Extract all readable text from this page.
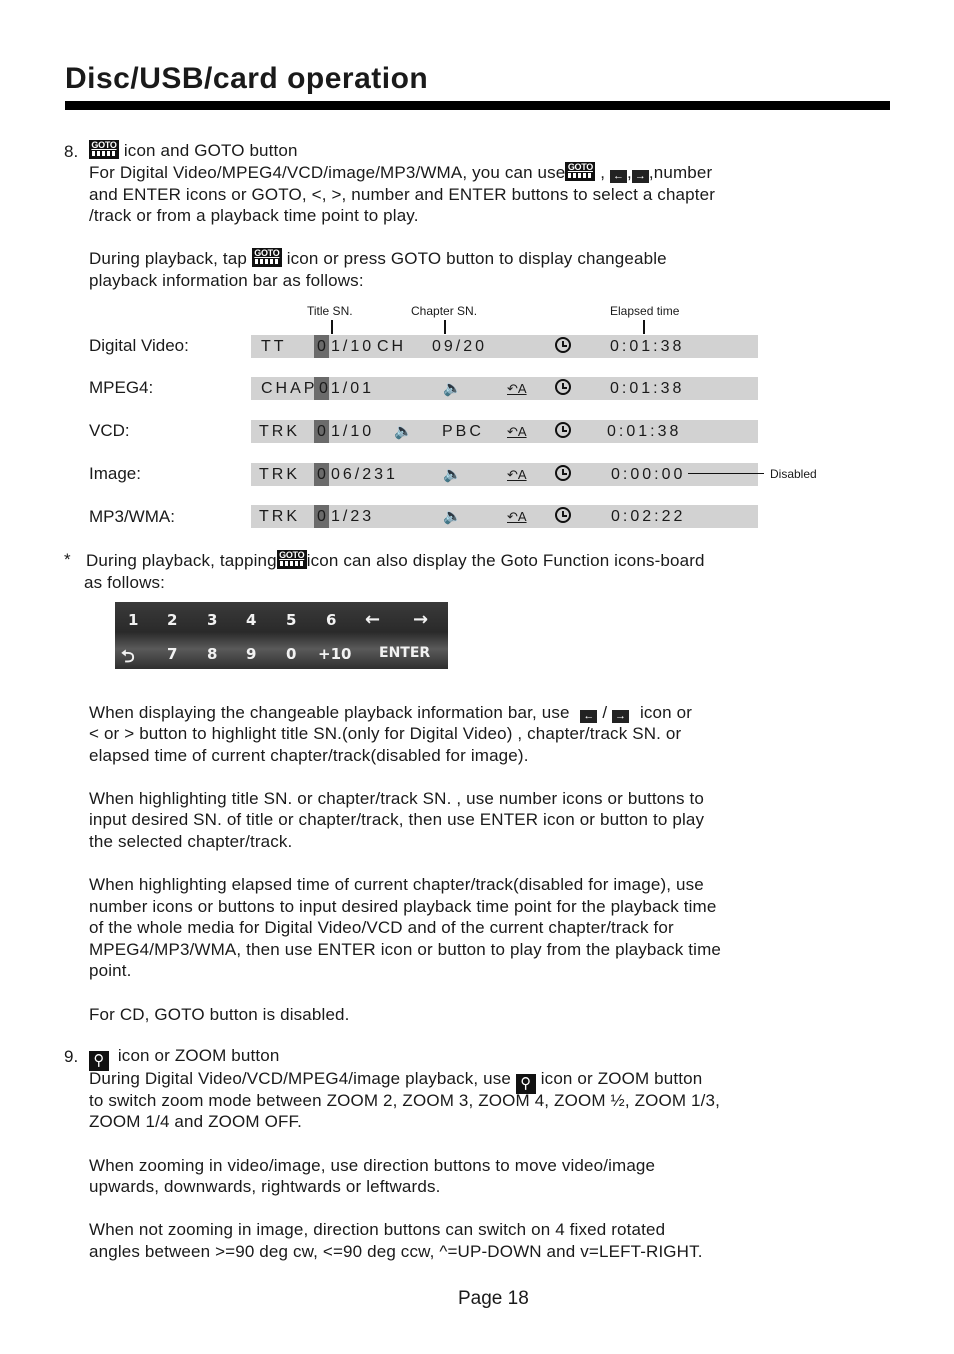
Disc/USB/card operation
8. GOTO icon and GOTO button
For Digital Video/MPEG4/VCD/image/MP3/WMA, you can use GOTO , ← , → ,number
and ENTER icons or GOTO, <, >, number and ENTER buttons to select a chapter
/track or from a playback time point to play.
During playback, tap GOTO icon or press GOTO button to display changeable
playback information bar as follows:
Title SN.	Chapter SN.	Elapsed time
Digital Video:	TT 0 1/10 CH 09/20	0:01:38
MPEG4:	CHAP 01/01	🔈	↶A	0:01:38
VCD:	TRK 0 1/10 🔈 PBC ↶A	0:01:38
Image:	TRK 0 06/231	🔈	↶A	0:00:00	Disabled
MP3/WMA:	TRK 0 1/23	🔈	↶A	0:02:22
* During playback, tapping GOTO icon can also display the Goto Function icons-board
as follows:
1 2 3 4 5 6 ← →
⮌ 7 8 9 0 +10 ENTER
When displaying the changeable playback information bar, use ← / → icon or
< or > button to highlight title SN.(only for Digital Video) , chapter/track SN. or
elapsed time of current chapter/track(disabled for image).
When highlighting title SN. or chapter/track SN. , use number icons or buttons to
input desired SN. of title or chapter/track, then use ENTER icon or button to play
the selected chapter/track.
When highlighting elapsed time of current chapter/track(disabled for image), use
number icons or buttons to input desired playback time point for the playback time
of the whole media for Digital Video/VCD and of the current chapter/track for
MPEG4/MP3/WMA, then use ENTER icon or button to play from the playback time
point.
For CD, GOTO button is disabled.
9. ⚲ icon or ZOOM button
During Digital Video/VCD/MPEG4/image playback, use ⚲ icon or ZOOM button
to switch zoom mode between ZOOM 2, ZOOM 3, ZOOM 4, ZOOM ½, ZOOM 1/3,
ZOOM 1/4 and ZOOM OFF.
When zooming in video/image, use direction buttons to move video/image
upwards, downwards, rightwards or leftwards.
When not zooming in image, direction buttons can switch on 4 fixed rotated
angles between >=90 deg cw, <=90 deg ccw, ^=UP-DOWN and v=LEFT-RIGHT.
Page 18
